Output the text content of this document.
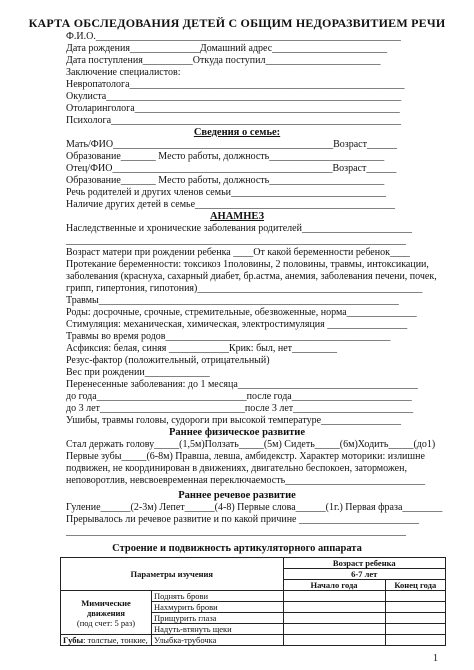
КАРТА ОБСЛЕДОВАНИЯ ДЕТЕЙ С ОБЩИМ НЕДОРАЗВИТИЕМ РЕЧИ
Ф.И.О._____________________________________________________________
Дата рождения______________Домашний адрес_______________________
Дата поступления__________Откуда поступил_______________________
Заключение специалистов:
Невропатолога_______________________________________________________
Окулиста___________________________________________________________
Отоларинголога_____________________________________________________
Психолога__________________________________________________________
Сведения о семье:
Мать/ФИО____________________________________________Возраст______
Образование_______ Место работы, должность_______________________
Отец/ФИО____________________________________________Возраст______
Образование_______ Место работы, должность_______________________
Речь родителей и других членов семьи_______________________________
Наличие других детей в семье________________________________________
АНАМНЕЗ
Наследственные и хронические заболевания родителей______________________
____________________________________________________________________
Возраст матери при рождении ребенка ____От какой беременности ребенок____
Протекание беременности: токсикоз 1половины, 2 половины, травмы, интоксикации,
заболевания (краснуха, сахарный диабет, бр.астма, анемия, заболевания печени, почек,
грипп, гипертония, гипотония)_____________________________________________
Травмы____________________________________________________________
Роды: досрочные, срочные, стремительные, обезвоженные, норма______________
Стимуляция: механическая, химическая, электростимуляция ________________
Травмы во время родов_____________________________________________
Асфиксия: белая, синяя ____________Крик: был, нет_________
Резус-фактор (положительный, отрицательный)
Вес при рождении_____________
Перенесенные заболевания: до 1 месяца____________________________________
до года______________________________после года________________________
до 3 лет_____________________________после 3 лет________________________
Ушибы, травмы головы, судороги при высокой температуре________________
Раннее физическое развитие
Стал держать голову_____(1,5м)Ползать_____(5м) Сидеть_____(6м)Ходить_____(до1)
Первые зубы_____(6-8м) Правша, левша, амбидекстр. Характер моторики: излишне
подвижен, не координирован в движениях, двигательно беспокоен, заторможен,
неповоротлив, невсвоевременная переключаемость____________________________
Раннее речевое развитие
Гуление______(2-3м) Лепет______(4-8) Первые слова______(1г.) Первая фраза________
Прерывалось ли речевое развитие и по какой причине ________________________
____________________________________________________________________
Строение и подвижность артикуляторного аппарата
Параметры изучения		Возраст ребенка	
		6-7 лет	
		Начало года	Конец года
Мимические движения
(под счет: 5 раз)	Поднять брови		
	Нахмурить брови		
	Прищурить глаза		
	Надуть-втянуть щеки		
Губы: толстые, тонкие,	Улыбка-трубочка		
1
